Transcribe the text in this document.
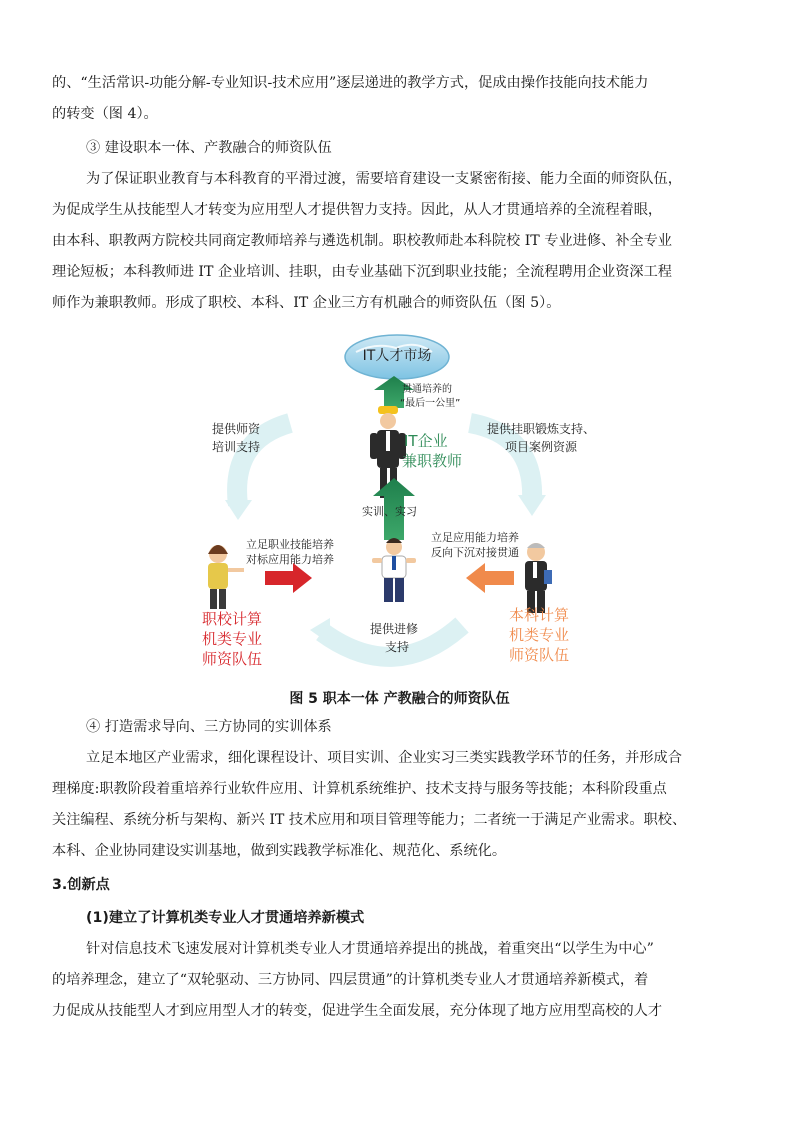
的、“生活常识-功能分解-专业知识-技术应用”逐层递进的教学方式，促成由操作技能向技术能力
的转变（图 4）。
③ 建设职本一体、产教融合的师资队伍
为了保证职业教育与本科教育的平滑过渡，需要培育建设一支紧密衔接、能力全面的师资队伍，
为促成学生从技能型人才转变为应用型人才提供智力支持。因此，从人才贯通培养的全流程着眼，
由本科、职教两方院校共同商定教师培养与遴选机制。职校教师赴本科院校 IT 专业进修、补全专业
理论短板；本科教师进 IT 企业培训、挂职，由专业基础下沉到职业技能；全流程聘用企业资深工程
师作为兼职教师。形成了职校、本科、IT 企业三方有机融合的师资队伍（图 5）。
IT人才市场
贯通培养的
“最后一公里”
IT企业
兼职教师
提供师资
培训支持
提供挂职锻炼支持、
项目案例资源
实训、实习
立足职业技能培养
对标应用能力培养
立足应用能力培养
反向下沉对接贯通
职校计算
机类专业
师资队伍
本科计算
机类专业
师资队伍
提供进修
支持
图 5 职本一体 产教融合的师资队伍
④ 打造需求导向、三方协同的实训体系
立足本地区产业需求，细化课程设计、项目实训、企业实习三类实践教学环节的任务，并形成合
理梯度:职教阶段着重培养行业软件应用、计算机系统维护、技术支持与服务等技能；本科阶段重点
关注编程、系统分析与架构、新兴 IT 技术应用和项目管理等能力；二者统一于满足产业需求。职校、
本科、企业协同建设实训基地，做到实践教学标准化、规范化、系统化。
3.创新点
(1)建立了计算机类专业人才贯通培养新模式
针对信息技术飞速发展对计算机类专业人才贯通培养提出的挑战，着重突出“以学生为中心”
的培养理念，建立了“双轮驱动、三方协同、四层贯通”的计算机类专业人才贯通培养新模式，着
力促成从技能型人才到应用型人才的转变，促进学生全面发展，充分体现了地方应用型高校的人才
